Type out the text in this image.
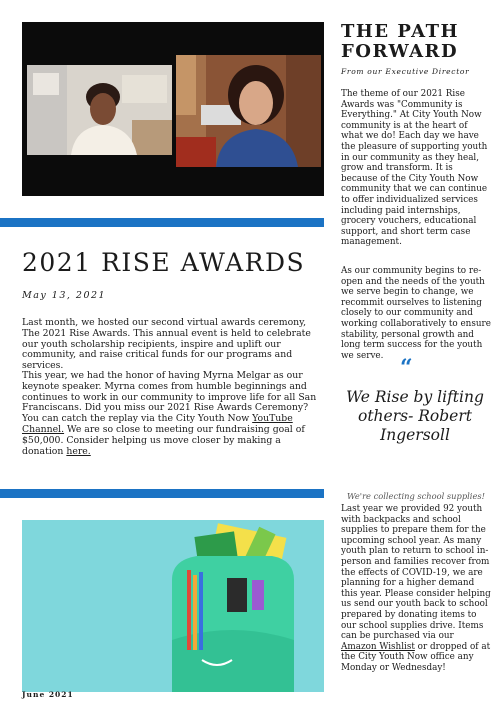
2021 RISE AWARDS
May 13, 2021

Last month, we hosted our second virtual awards ceremony, The 2021 Rise Awards. This annual event is held to celebrate our youth scholarship recipients, inspire and uplift our community, and raise critical funds for our programs and services.

This year, we had the honor of having Myrna Melgar as our keynote speaker. Myrna comes from humble beginnings and continues to work in our community to improve life for all San Franciscans. Did you miss our 2021 Rise Awards Ceremony? You can catch the replay via the City Youth Now YouTube Channel. We are so close to meeting our fundraising goal of $50,000. Consider helping us move closer by making a donation here.

June 2021
THE PATH FORWARD
From our Executive Director

The theme of our 2021 Rise Awards was "Community is Everything." At City Youth Now community is at the heart of what we do! Each day we have the pleasure of supporting youth in our community as they heal, grow and transform. It is because of the City Youth Now community that we can continue to offer individualized services including paid internships, grocery vouchers, educational support, and short term case management.

As our community begins to re-open and the needs of the youth we serve begin to change, we recommit ourselves to listening closely to our community and working collaboratively to ensure stability, personal growth and long term success for the youth we serve. “
We Rise by lifting others- Robert Ingersoll
We're collecting school supplies!

Last year we provided 92 youth with backpacks and school supplies to prepare them for the upcoming school year. As many youth plan to return to school in-person and families recover from the effects of COVID-19, we are planning for a higher demand this year. Please consider helping us send our youth back to school prepared by donating items to our school supplies drive. Items can be purchased via our Amazon Wishlist or dropped of at the City Youth Now office any Monday or Wednesday!
